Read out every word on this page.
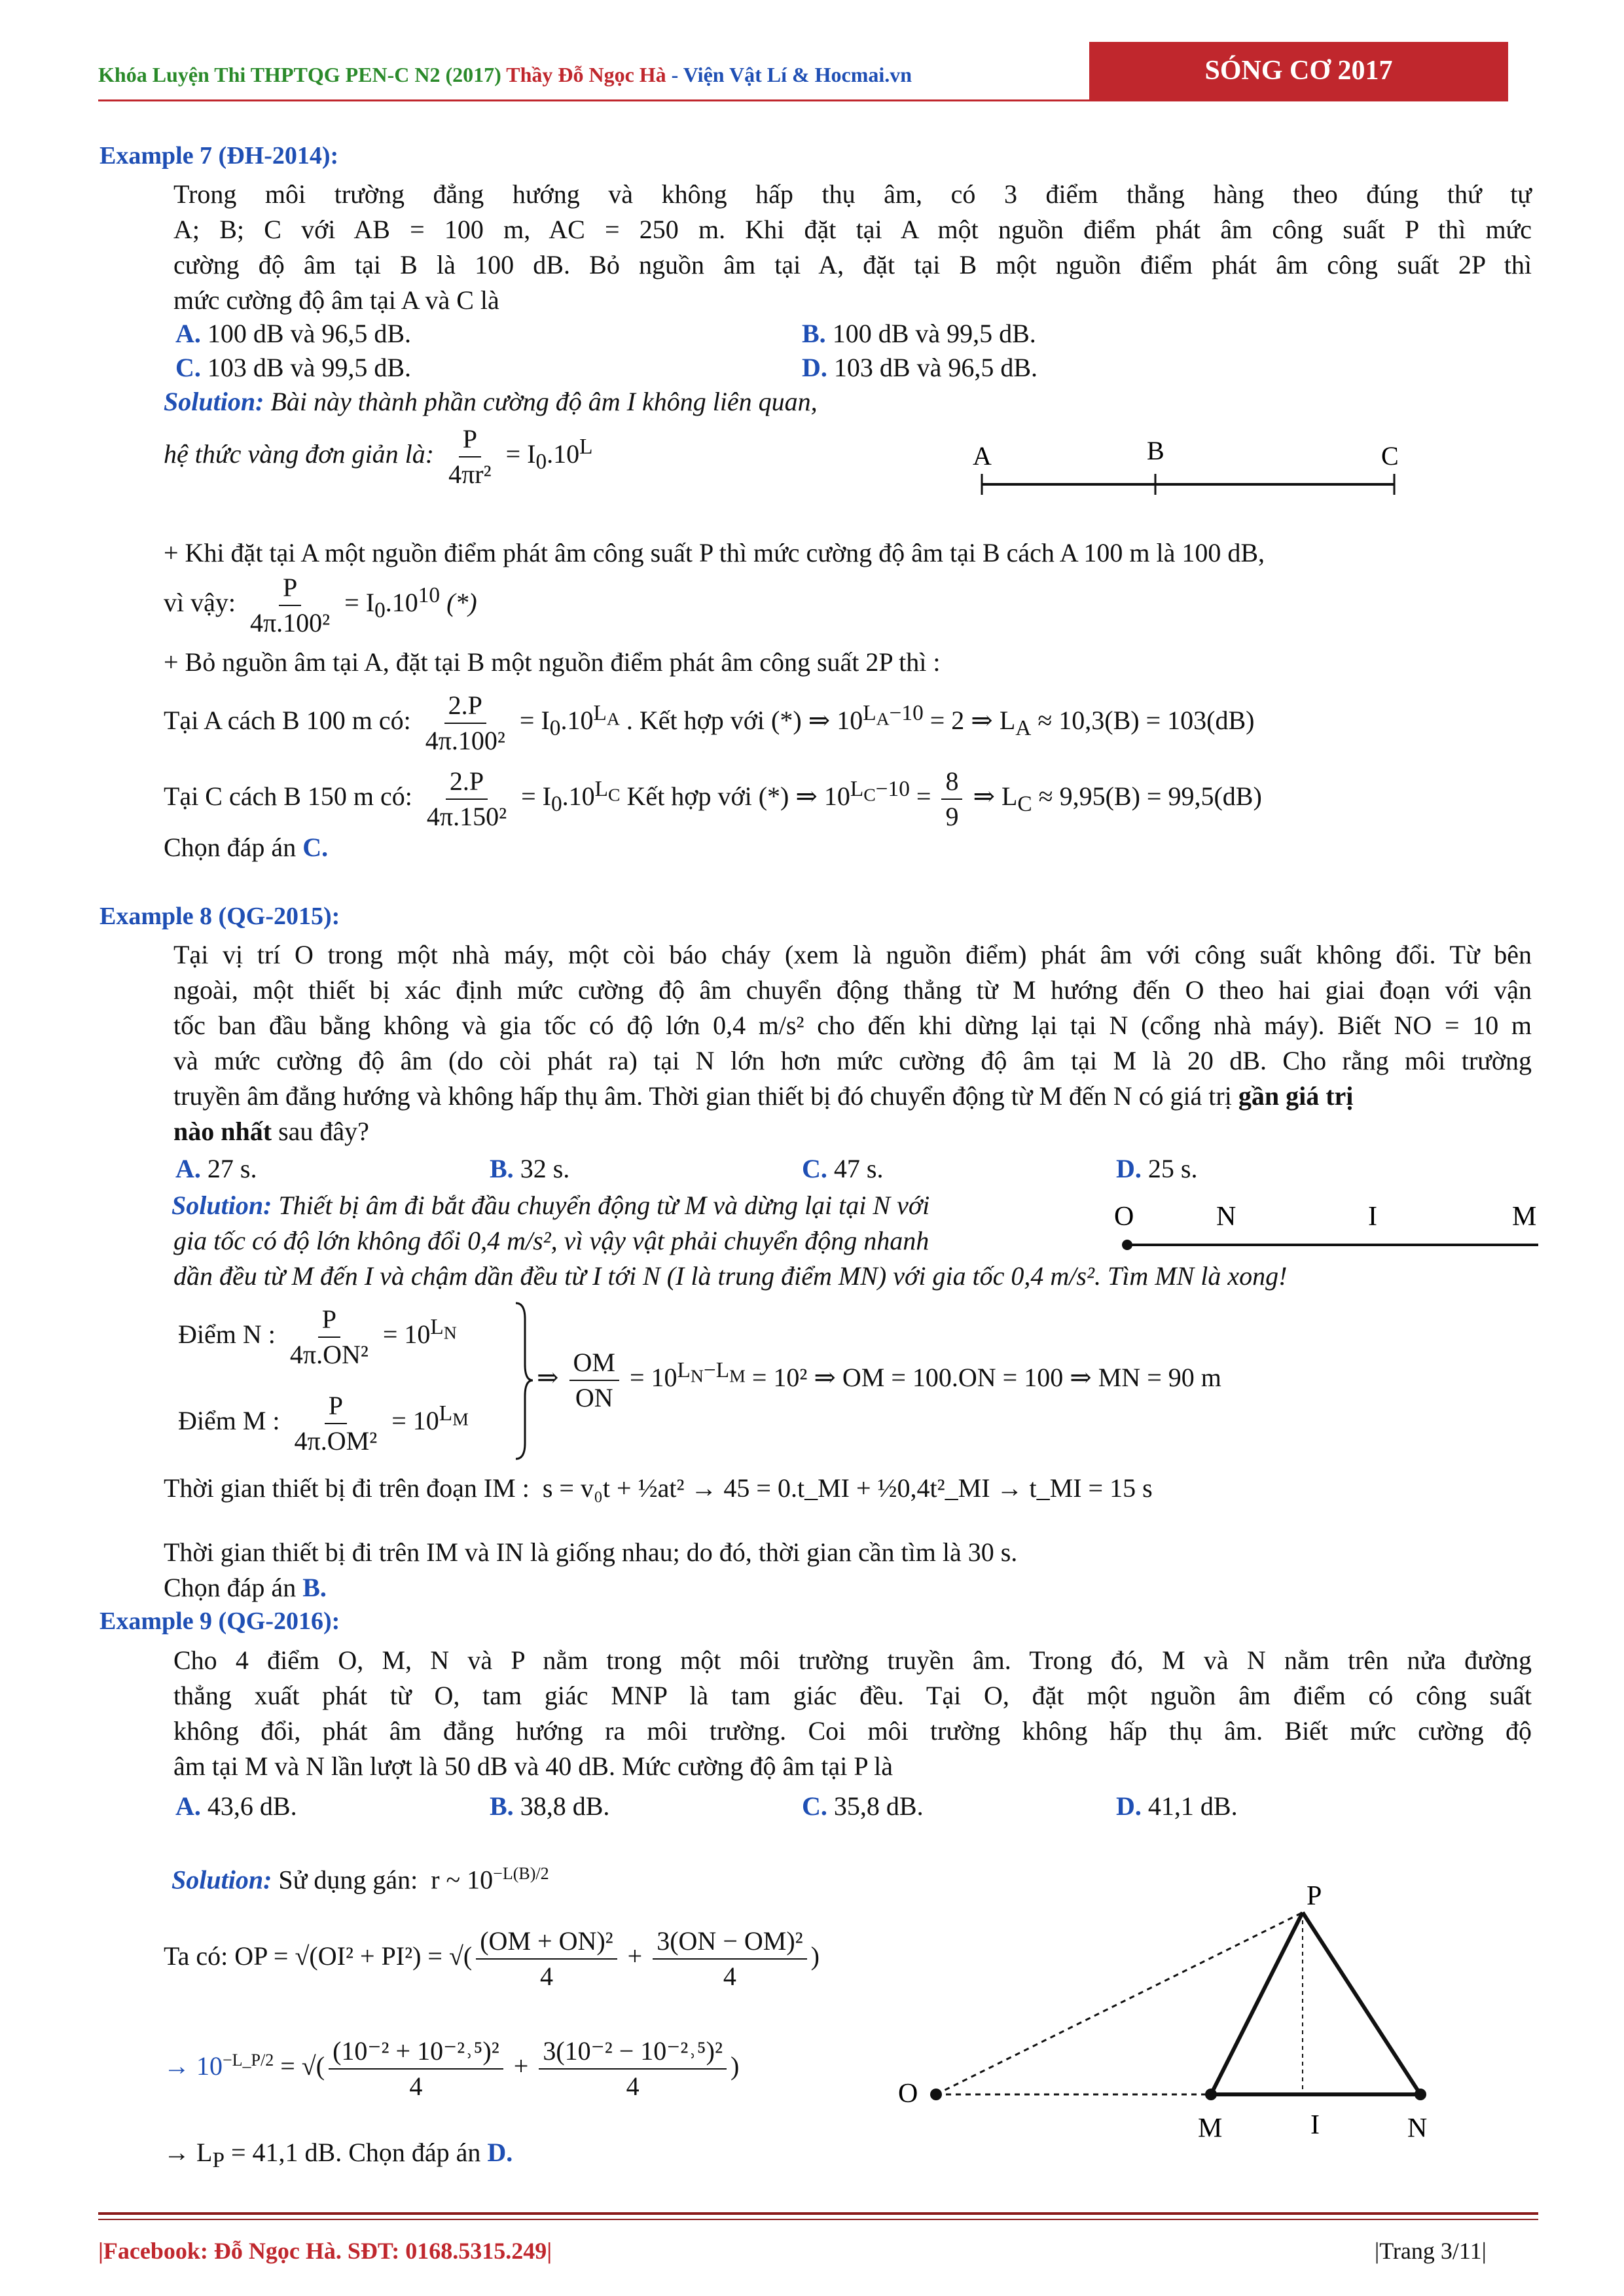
Khóa Luyện Thi THPTQG PEN-C N2 (2017) Thầy Đỗ Ngọc Hà - Viện Vật Lí & Hocmai.vn	SÓNG CƠ 2017
Example 7 (ĐH-2014):
Trong môi trường đẳng hướng và không hấp thụ âm, có 3 điểm thẳng hàng theo đúng thứ tự
A; B; C với AB = 100 m, AC = 250 m. Khi đặt tại A một nguồn điểm phát âm công suất P thì mức
cường độ âm tại B là 100 dB. Bỏ nguồn âm tại A, đặt tại B một nguồn điểm phát âm công suất 2P thì
mức cường độ âm tại A và C là
A. 100 dB và 96,5 dB.	B. 100 dB và 99,5 dB.
C. 103 dB và 99,5 dB.	D. 103 dB và 96,5 dB.
Solution: Bài này thành phần cường độ âm I không liên quan,
hệ thức vàng đơn giản là: $\frac{P}{\text{4πr²}} = I_0.10^L$	A	B	C
+ Khi đặt tại A một nguồn điểm phát âm công suất P thì mức cường độ âm tại B cách A 100 m là 100 dB,
vì vậy: $\frac{P}{\text{4π.100²}} = I_0.10^{10}$ (*)
+ Bỏ nguồn âm tại A, đặt tại B một nguồn điểm phát âm công suất 2P thì :
Tại A cách B 100 m có: $\frac{2.P}{\text{4π.100²}} = I_0.10^{L_A}$ . Kết hợp với (*) ⇒ $10^{L_A-10} = 2$ ⇒ $L_A \approx 10,3(B) = 103(dB)$
Tại C cách B 150 m có: $\frac{2.P}{\text{4π.150²}} = I_0.10^{L_C}$ Kết hợp với (*) ⇒ $10^{L_C-10} = \frac{8}{9}$ ⇒ $L_C \approx 9,95(B) = 99,5(dB)$
Chọn đáp án C.
Example 8 (QG-2015):
Tại vị trí O trong một nhà máy, một còi báo cháy (xem là nguồn điểm) phát âm với công suất không đổi. Từ bên
ngoài, một thiết bị xác định mức cường độ âm chuyển động thẳng từ M hướng đến O theo hai giai đoạn với vận
tốc ban đầu bằng không và gia tốc có độ lớn 0,4 m/s² cho đến khi dừng lại tại N (cổng nhà máy). Biết NO = 10 m
và mức cường độ âm (do còi phát ra) tại N lớn hơn mức cường độ âm tại M là 20 dB. Cho rằng môi trường
truyền âm đẳng hướng và không hấp thụ âm. Thời gian thiết bị đó chuyển động từ M đến N có giá trị gần giá trị
nào nhất sau đây?
A. 27 s.	B. 32 s.	C. 47 s.	D. 25 s.
Solution: Thiết bị âm đi bắt đầu chuyển động từ M và dừng lại tại N với
gia tốc có độ lớn không đổi 0,4 m/s², vì vậy vật phải chuyển động nhanh
dần đều từ M đến I và chậm dần đều từ I tới N (I là trung điểm MN) với gia tốc 0,4 m/s². Tìm MN là xong!
O	N	I	M
Điểm N : $\frac{P}{\text{4π.ON²}} = 10^{L_N}$
Điểm M : $\frac{P}{\text{4π.OM²}} = 10^{L_M}$
⇒ $\frac{OM}{ON} = 10^{L_N-L_M} = 10^2$ ⇒ OM = 100.ON = 100 ⇒ MN = 90 m
Thời gian thiết bị đi trên đoạn IM : s = v₀t + ½at² → 45 = 0.t_MI + ½0,4t²_MI → t_MI = 15 s
Thời gian thiết bị đi trên IM và IN là giống nhau; do đó, thời gian cần tìm là 30 s.
Chọn đáp án B.
Example 9 (QG-2016):
Cho 4 điểm O, M, N và P nằm trong một môi trường truyền âm. Trong đó, M và N nằm trên nửa đường
thẳng xuất phát từ O, tam giác MNP là tam giác đều. Tại O, đặt một nguồn âm điểm có công suất
không đổi, phát âm đẳng hướng ra môi trường. Coi môi trường không hấp thụ âm. Biết mức cường độ
âm tại M và N lần lượt là 50 dB và 40 dB. Mức cường độ âm tại P là
A. 43,6 dB.	B. 38,8 dB.	C. 35,8 dB.	D. 41,1 dB.
Solution: Sử dụng gán: r ~ $10^{-L(B)/2}$
Ta có: OP = √(OI² + PI²) = √( $\frac{\text{(OM + ON)²}}{4} + \frac{\text{3(ON − OM)²}}{4}$ )
→ $10^{-L\_P/2}$ = √( $\frac{\text{(10⁻² + 10⁻²˒⁵)²}}{4} + \frac{\text{3(10⁻² − 10⁻²˒⁵)²}}{4}$ )
→ $L_P = 41,1$ dB. Chọn đáp án D.
O
M	I	N
P
|Facebook: Đỗ Ngọc Hà. SĐT: 0168.5315.249|	|Trang 3/11|
